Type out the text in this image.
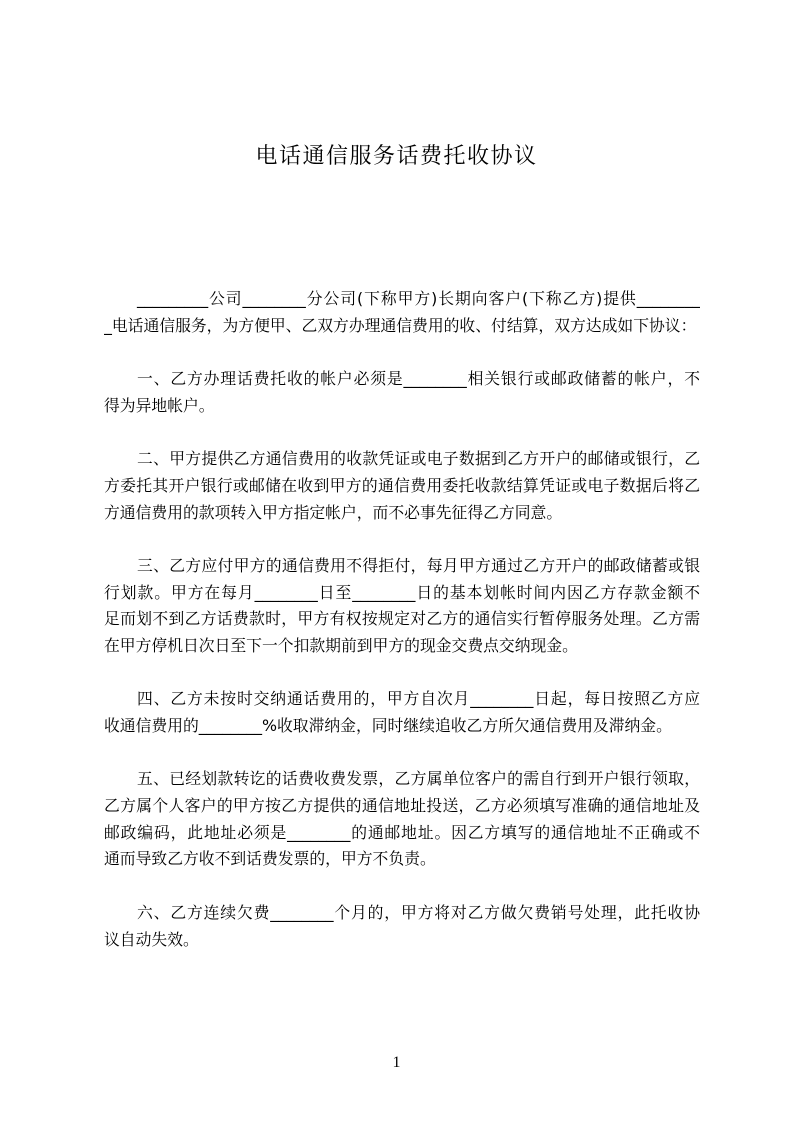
电话通信服务话费托收协议
_________公司________分公司(下称甲方)长期向客户(下称乙方)提供________
_电话通信服务，为方便甲、乙双方办理通信费用的收、付结算，双方达成如下协议：
一、乙方办理话费托收的帐户必须是________相关银行或邮政储蓄的帐户，不
得为异地帐户。
二、甲方提供乙方通信费用的收款凭证或电子数据到乙方开户的邮储或银行，乙
方委托其开户银行或邮储在收到甲方的通信费用委托收款结算凭证或电子数据后将乙
方通信费用的款项转入甲方指定帐户，而不必事先征得乙方同意。
三、乙方应付甲方的通信费用不得拒付，每月甲方通过乙方开户的邮政储蓄或银
行划款。甲方在每月________日至________日的基本划帐时间内因乙方存款金额不
足而划不到乙方话费款时，甲方有权按规定对乙方的通信实行暂停服务处理。乙方需
在甲方停机日次日至下一个扣款期前到甲方的现金交费点交纳现金。
四、乙方未按时交纳通话费用的，甲方自次月________日起，每日按照乙方应
收通信费用的________%收取滞纳金，同时继续追收乙方所欠通信费用及滞纳金。
五、已经划款转讫的话费收费发票，乙方属单位客户的需自行到开户银行领取，
乙方属个人客户的甲方按乙方提供的通信地址投送，乙方必须填写准确的通信地址及
邮政编码，此地址必须是________的通邮地址。因乙方填写的通信地址不正确或不
通而导致乙方收不到话费发票的，甲方不负责。
六、乙方连续欠费________个月的，甲方将对乙方做欠费销号处理，此托收协
议自动失效。
1
